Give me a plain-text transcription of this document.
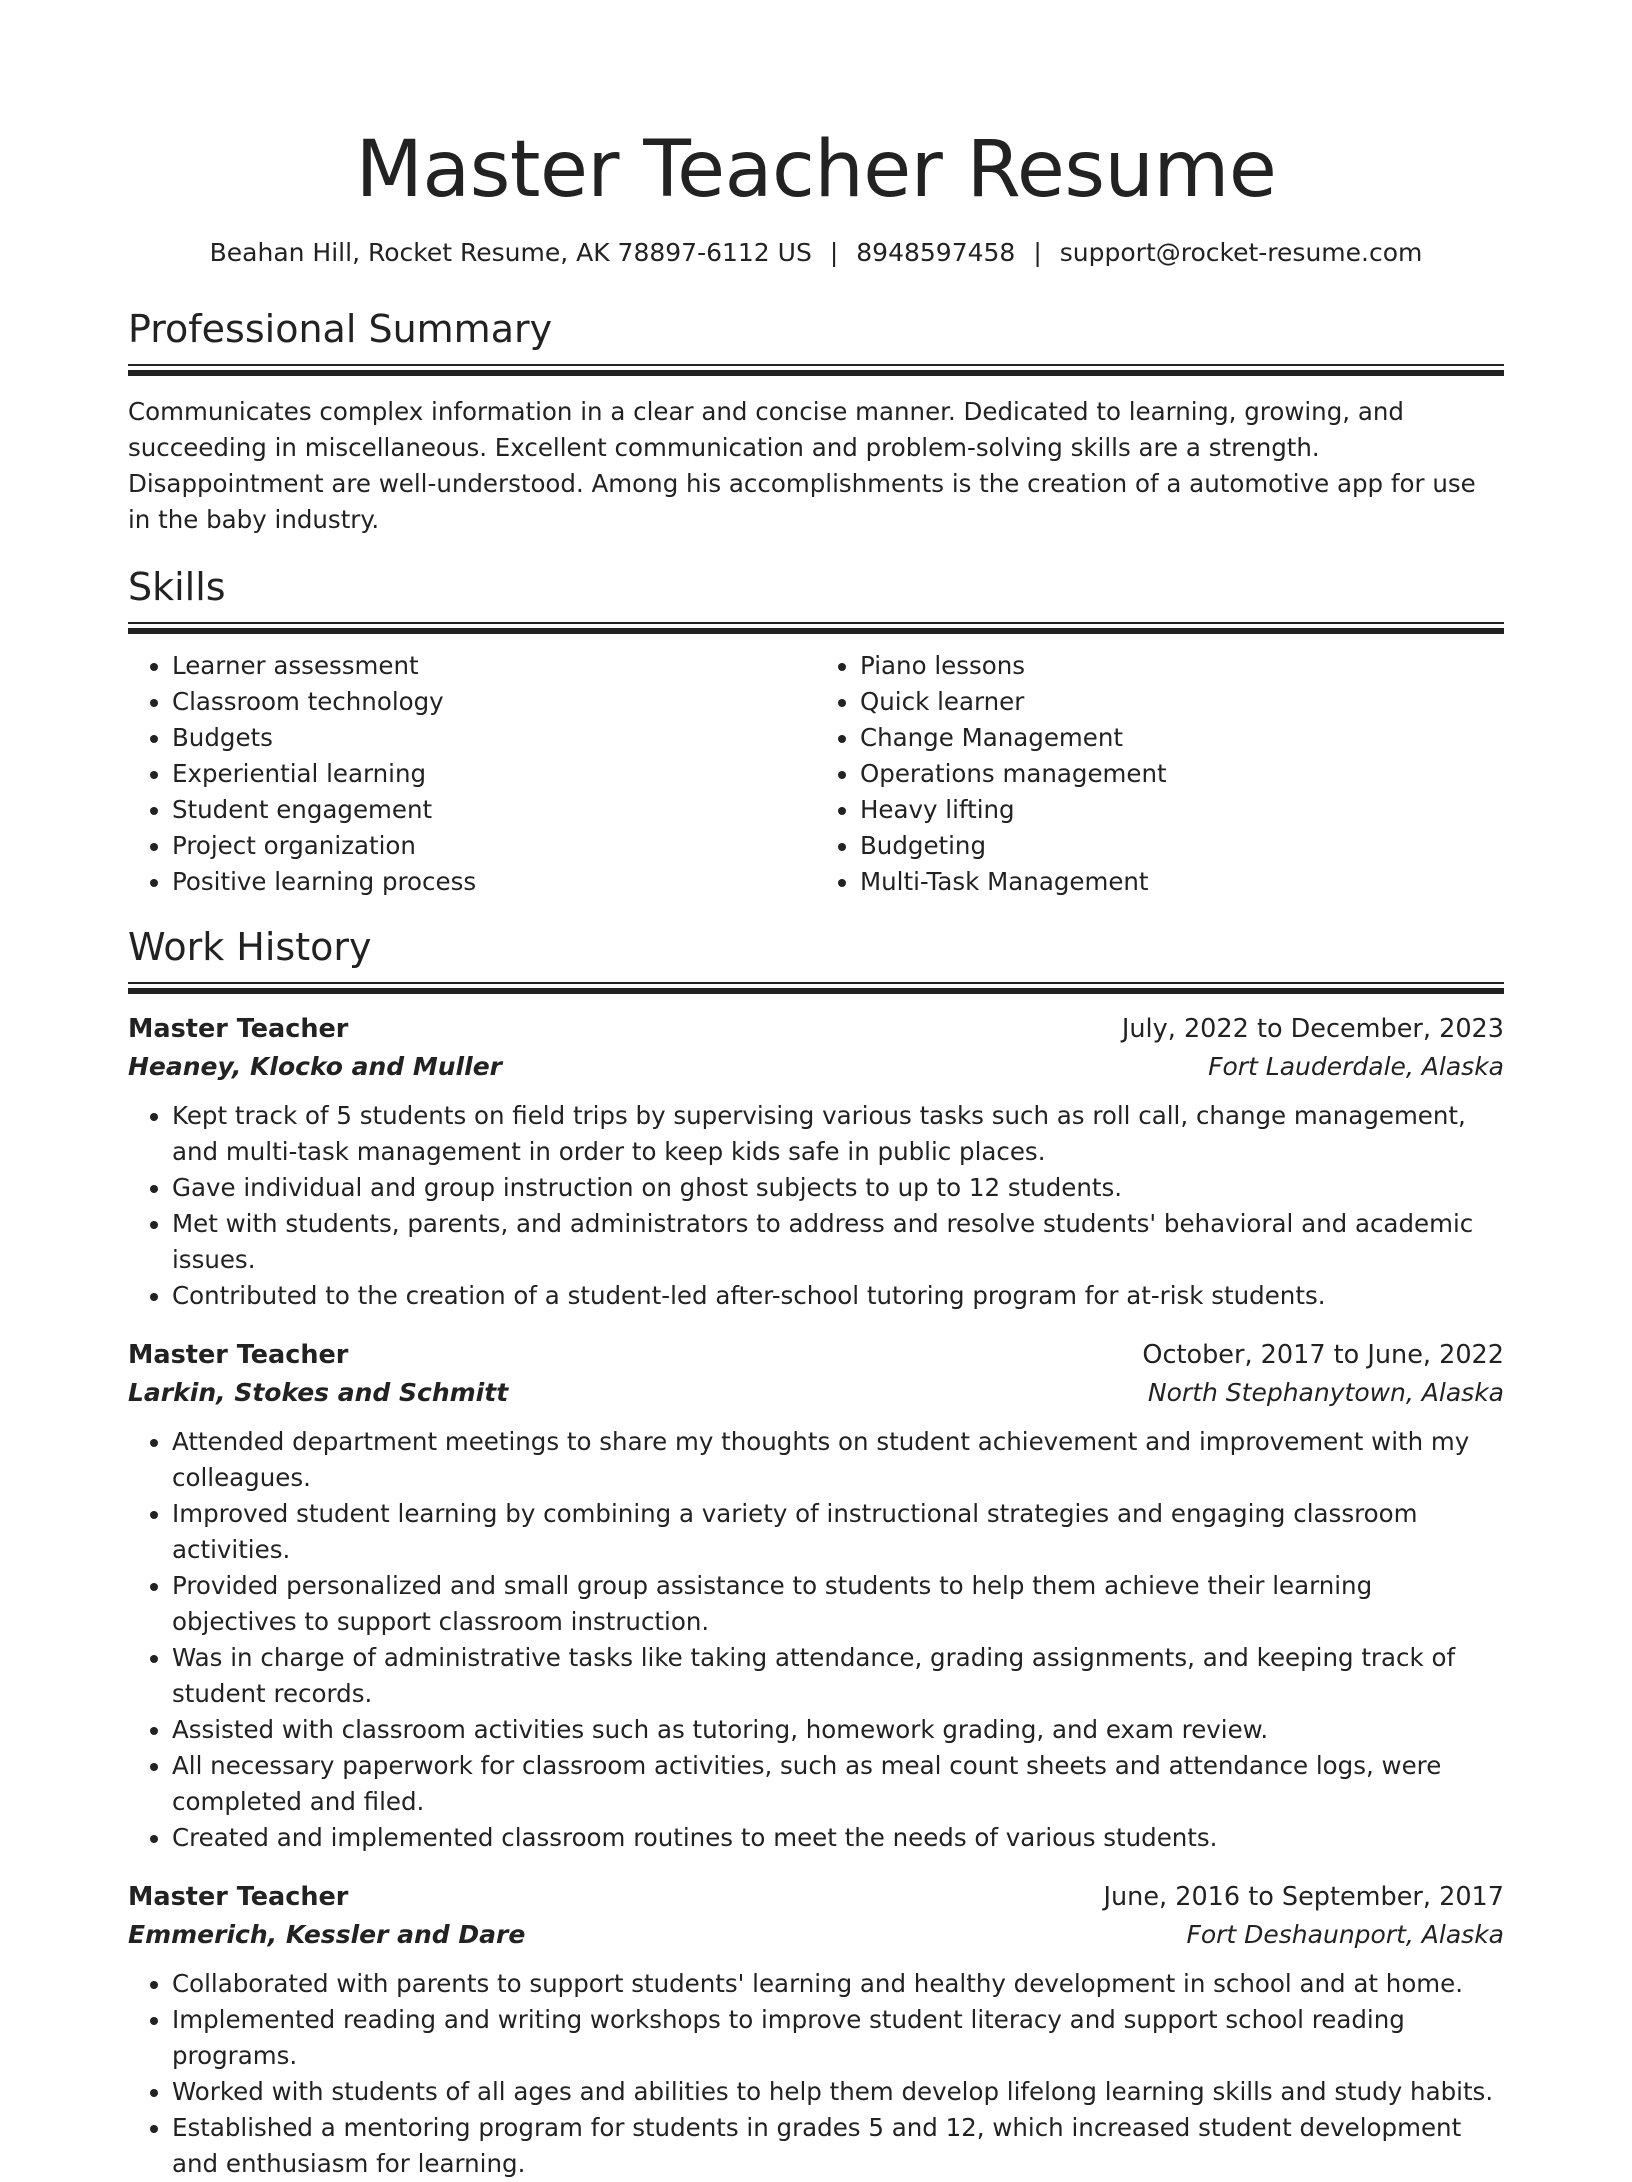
Master Teacher Resume
Beahan Hill, Rocket Resume, AK 78897-6112 US | 8948597458 | support@rocket-resume.com
Professional Summary

Communicates complex information in a clear and concise manner. Dedicated to learning, growing, and succeeding in miscellaneous. Excellent communication and problem-solving skills are a strength. Disappointment are well-understood. Among his accomplishments is the creation of a automotive app for use in the baby industry.

Skills
• Learner assessment
• Classroom technology
• Budgets
• Experiential learning
• Student engagement
• Project organization
• Positive learning process
• Piano lessons
• Quick learner
• Change Management
• Operations management
• Heavy lifting
• Budgeting
• Multi-Task Management
Work History
Master Teacher	July, 2022 to December, 2023
Heaney, Klocko and Muller	Fort Lauderdale, Alaska
• Kept track of 5 students on field trips by supervising various tasks such as roll call, change management, and multi-task management in order to keep kids safe in public places.
• Gave individual and group instruction on ghost subjects to up to 12 students.
• Met with students, parents, and administrators to address and resolve students' behavioral and academic issues.
• Contributed to the creation of a student-led after-school tutoring program for at-risk students.
Master Teacher	October, 2017 to June, 2022
Larkin, Stokes and Schmitt	North Stephanytown, Alaska
• Attended department meetings to share my thoughts on student achievement and improvement with my colleagues.
• Improved student learning by combining a variety of instructional strategies and engaging classroom activities.
• Provided personalized and small group assistance to students to help them achieve their learning objectives to support classroom instruction.
• Was in charge of administrative tasks like taking attendance, grading assignments, and keeping track of student records.
• Assisted with classroom activities such as tutoring, homework grading, and exam review.
• All necessary paperwork for classroom activities, such as meal count sheets and attendance logs, were completed and filed.
• Created and implemented classroom routines to meet the needs of various students.
Master Teacher	June, 2016 to September, 2017
Emmerich, Kessler and Dare	Fort Deshaunport, Alaska
• Collaborated with parents to support students' learning and healthy development in school and at home.
• Implemented reading and writing workshops to improve student literacy and support school reading programs.
• Worked with students of all ages and abilities to help them develop lifelong learning skills and study habits.
• Established a mentoring program for students in grades 5 and 12, which increased student development and enthusiasm for learning.
